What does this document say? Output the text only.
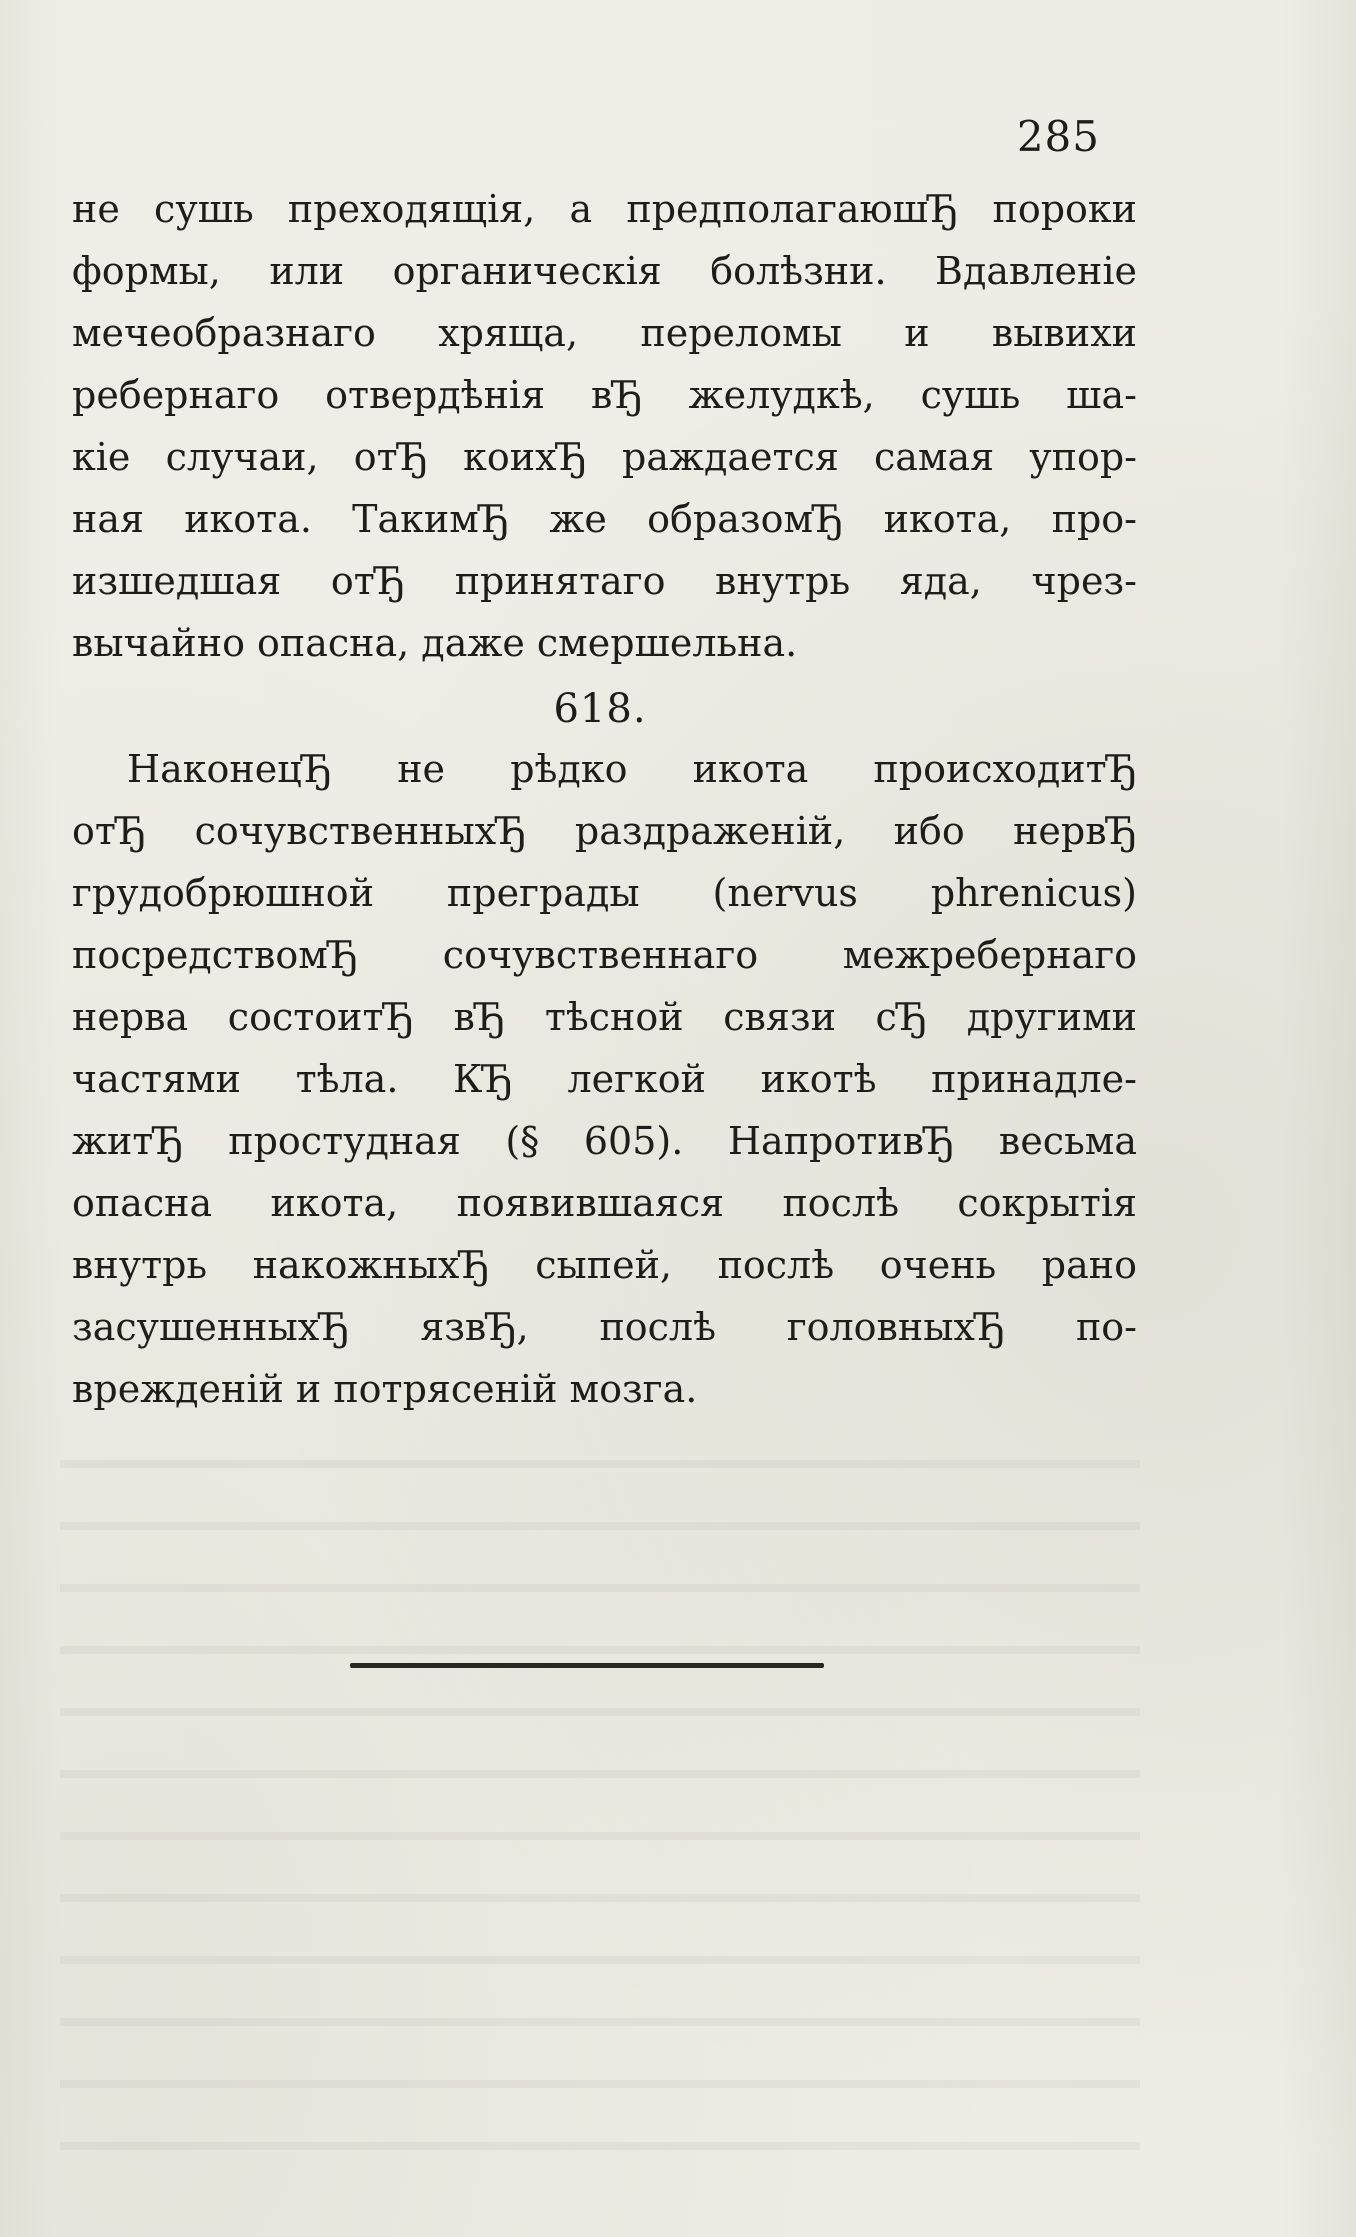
285
не сушь преходящія, а предполагаюшЂ пороки
формы, или органическія болѣзни. Вдавленіе
мечеобразнаго хряща, переломы и вывихи
ребернаго отвердѣнія вЂ желудкѣ, сушь ша-
кіе случаи, отЂ коихЂ раждается самая упор-
ная икота. ТакимЂ же образомЂ икота, про-
изшедшая отЂ принятаго внутрь яда, чрез-
вычайно опасна, даже смершельна.
618.
НаконецЂ не рѣдко икота происходитЂ
отЂ сочувственныхЂ раздраженій, ибо нервЂ
грудобрюшной преграды (nervus phrenicus)
посредствомЂ сочувственнаго межребернаго
нерва состоитЂ вЂ тѣсной связи сЂ другими
частями тѣла. КЂ легкой икотѣ принадле-
житЂ простудная (§ 605). НапротивЂ весьма
опасна икота, появившаяся послѣ сокрытія
внутрь накожныхЂ сыпей, послѣ очень рано
засушенныхЂ язвЂ, послѣ головныхЂ по-
врежденій и потрясеній мозга.
